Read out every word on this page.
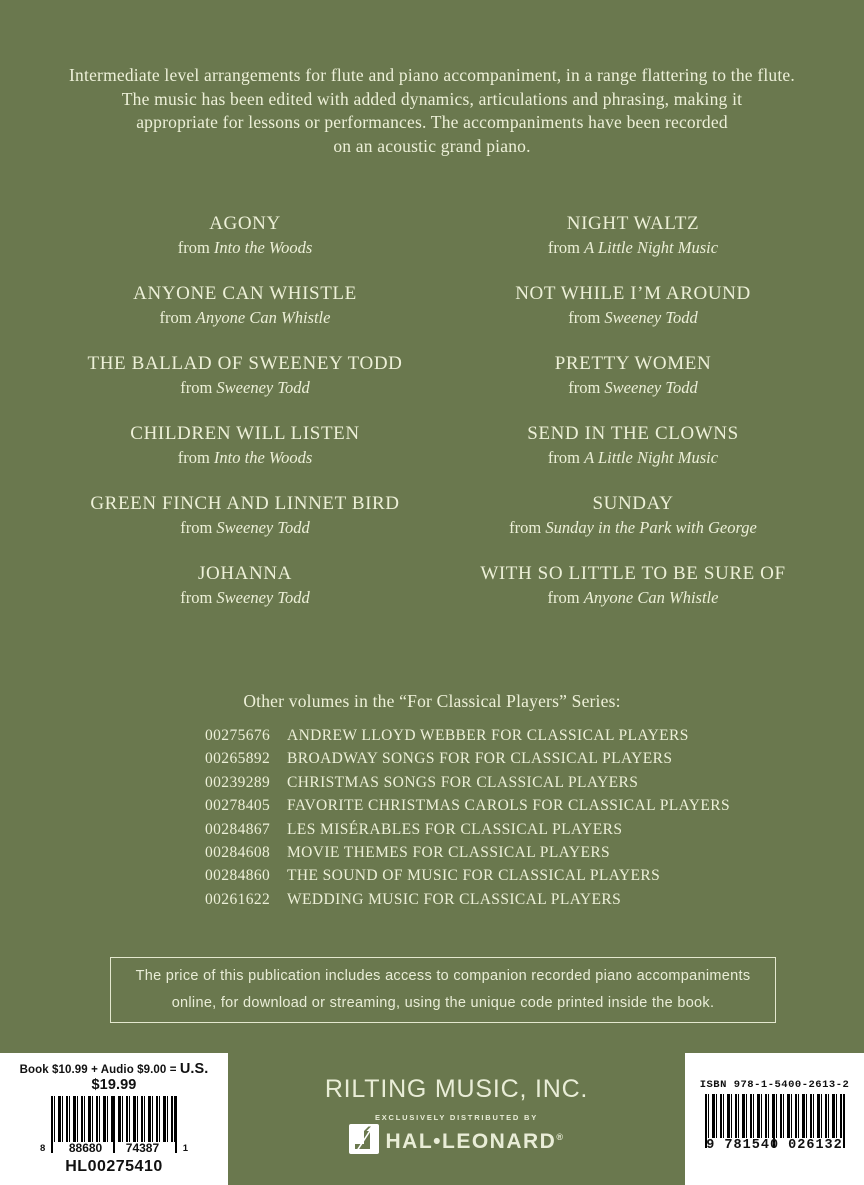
Intermediate level arrangements for flute and piano accompaniment, in a range flattering to the flute.
The music has been edited with added dynamics, articulations and phrasing, making it
appropriate for lessons or performances. The accompaniments have been recorded
on an acoustic grand piano.
AGONY
from Into the Woods
ANYONE CAN WHISTLE
from Anyone Can Whistle
THE BALLAD OF SWEENEY TODD
from Sweeney Todd
CHILDREN WILL LISTEN
from Into the Woods
GREEN FINCH AND LINNET BIRD
from Sweeney Todd
JOHANNA
from Sweeney Todd
NIGHT WALTZ
from A Little Night Music
NOT WHILE I’M AROUND
from Sweeney Todd
PRETTY WOMEN
from Sweeney Todd
SEND IN THE CLOWNS
from A Little Night Music
SUNDAY
from Sunday in the Park with George
WITH SO LITTLE TO BE SURE OF
from Anyone Can Whistle
Other volumes in the “For Classical Players” Series:
00275676 ANDREW LLOYD WEBBER FOR CLASSICAL PLAYERS
00265892 BROADWAY SONGS FOR FOR CLASSICAL PLAYERS
00239289 CHRISTMAS SONGS FOR CLASSICAL PLAYERS
00278405 FAVORITE CHRISTMAS CAROLS FOR CLASSICAL PLAYERS
00284867 LES MISÉRABLES FOR CLASSICAL PLAYERS
00284608 MOVIE THEMES FOR CLASSICAL PLAYERS
00284860 THE SOUND OF MUSIC FOR CLASSICAL PLAYERS
00261622 WEDDING MUSIC FOR CLASSICAL PLAYERS
The price of this publication includes access to companion recorded piano accompaniments
online, for download or streaming, using the unique code printed inside the book.
Book $10.99 + Audio $9.00 = U.S. $19.99
8 88680 74387 1
HL00275410
RILTING MUSIC, INC.
EXCLUSIVELY DISTRIBUTED BY
HAL•LEONARD®
ISBN 978-1-5400-2613-2
9 781540 026132
